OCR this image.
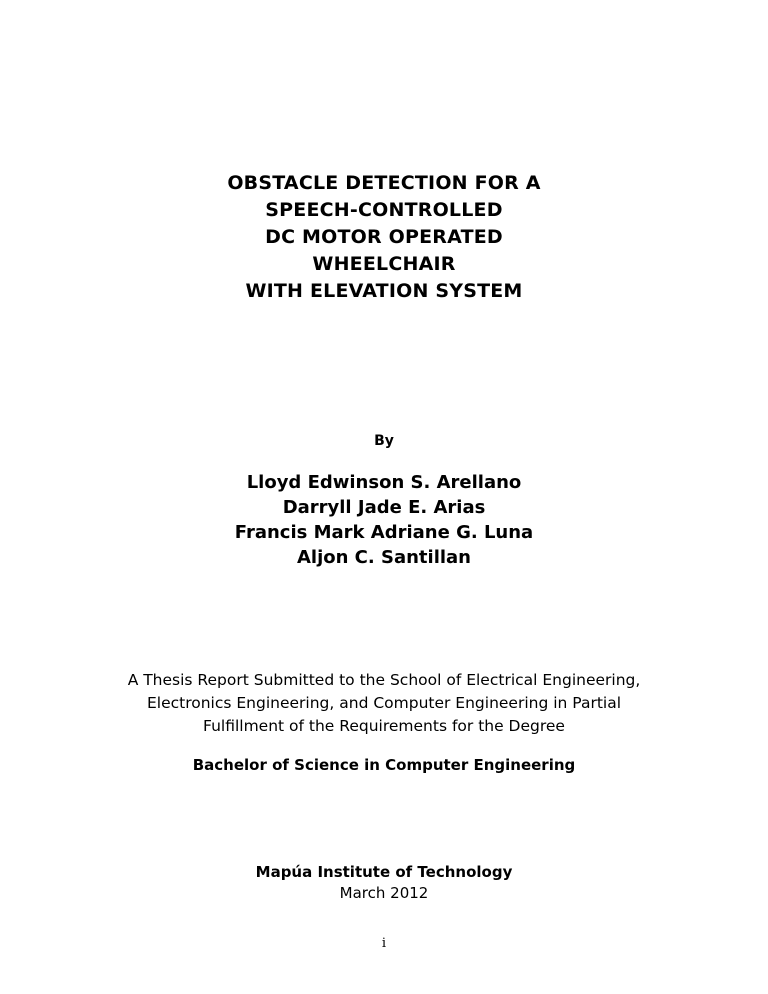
OBSTACLE DETECTION FOR A
SPEECH-CONTROLLED
DC MOTOR OPERATED
WHEELCHAIR
WITH ELEVATION SYSTEM
By
Lloyd Edwinson S. Arellano
Darryll Jade E. Arias
Francis Mark Adriane G. Luna
Aljon C. Santillan
A Thesis Report Submitted to the School of Electrical Engineering,
Electronics Engineering, and Computer Engineering in Partial
Fulfillment of the Requirements for the Degree
Bachelor of Science in Computer Engineering
Mapúa Institute of Technology
March 2012
i
